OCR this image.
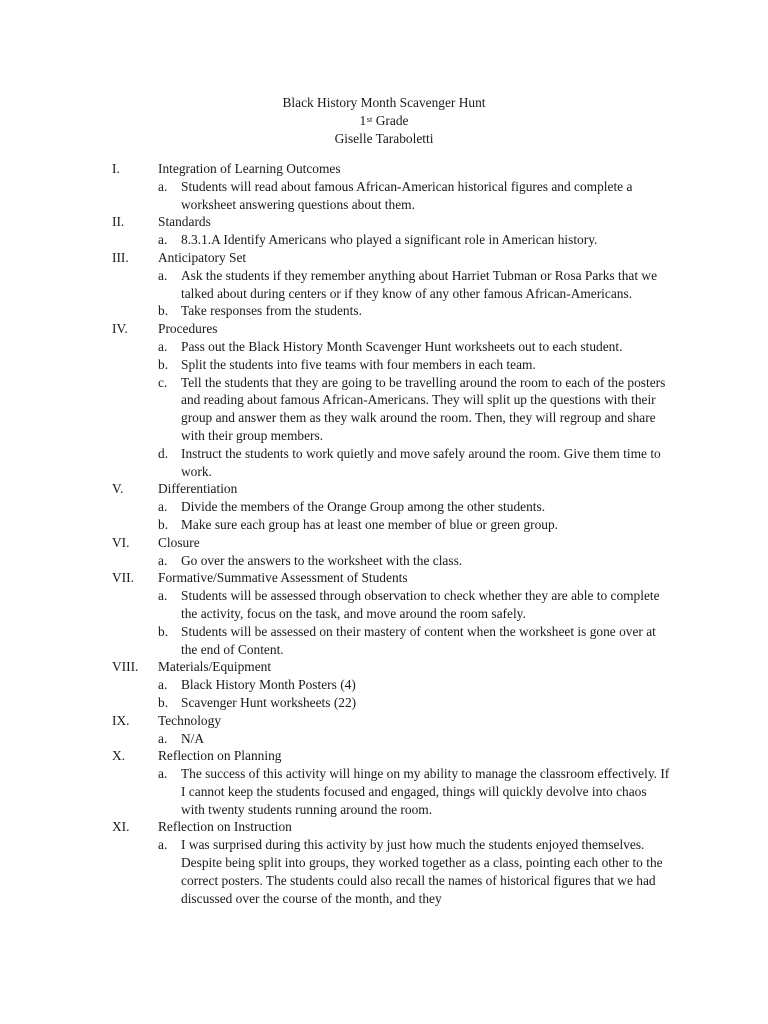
Black History Month Scavenger Hunt
1st Grade
Giselle Taraboletti
I.	Integration of Learning Outcomes
a.	Students will read about famous African-American historical figures and complete a worksheet answering questions about them.
II.	Standards
a.	8.3.1.A Identify Americans who played a significant role in American history.
III.	Anticipatory Set
a.	Ask the students if they remember anything about Harriet Tubman or Rosa Parks that we talked about during centers or if they know of any other famous African-Americans.
b. Take responses from the students.
IV.	Procedures
a.	Pass out the Black History Month Scavenger Hunt worksheets out to each student.
b. Split the students into five teams with four members in each team.
c.	Tell the students that they are going to be travelling around the room to each of the posters and reading about famous African-Americans. They will split up the questions with their group and answer them as they walk around the room. Then, they will regroup and share with their group members.
d. Instruct the students to work quietly and move safely around the room. Give them time to work.
V.	Differentiation
a.	Divide the members of the Orange Group among the other students.
b. Make sure each group has at least one member of blue or green group.
VI.	Closure
a.	Go over the answers to the worksheet with the class.
VII.	Formative/Summative Assessment of Students
a.	Students will be assessed through observation to check whether they are able to complete the activity, focus on the task, and move around the room safely.
b. Students will be assessed on their mastery of content when the worksheet is gone over at the end of Content.
VIII.	Materials/Equipment
a.	Black History Month Posters (4)
b. Scavenger Hunt worksheets (22)
IX.	Technology
a.	N/A
X.	Reflection on Planning
a.	The success of this activity will hinge on my ability to manage the classroom effectively. If I cannot keep the students focused and engaged, things will quickly devolve into chaos with twenty students running around the room.
XI.	Reflection on Instruction
a.	I was surprised during this activity by just how much the students enjoyed themselves. Despite being split into groups, they worked together as a class, pointing each other to the correct posters. The students could also recall the names of historical figures that we had discussed over the course of the month, and they
